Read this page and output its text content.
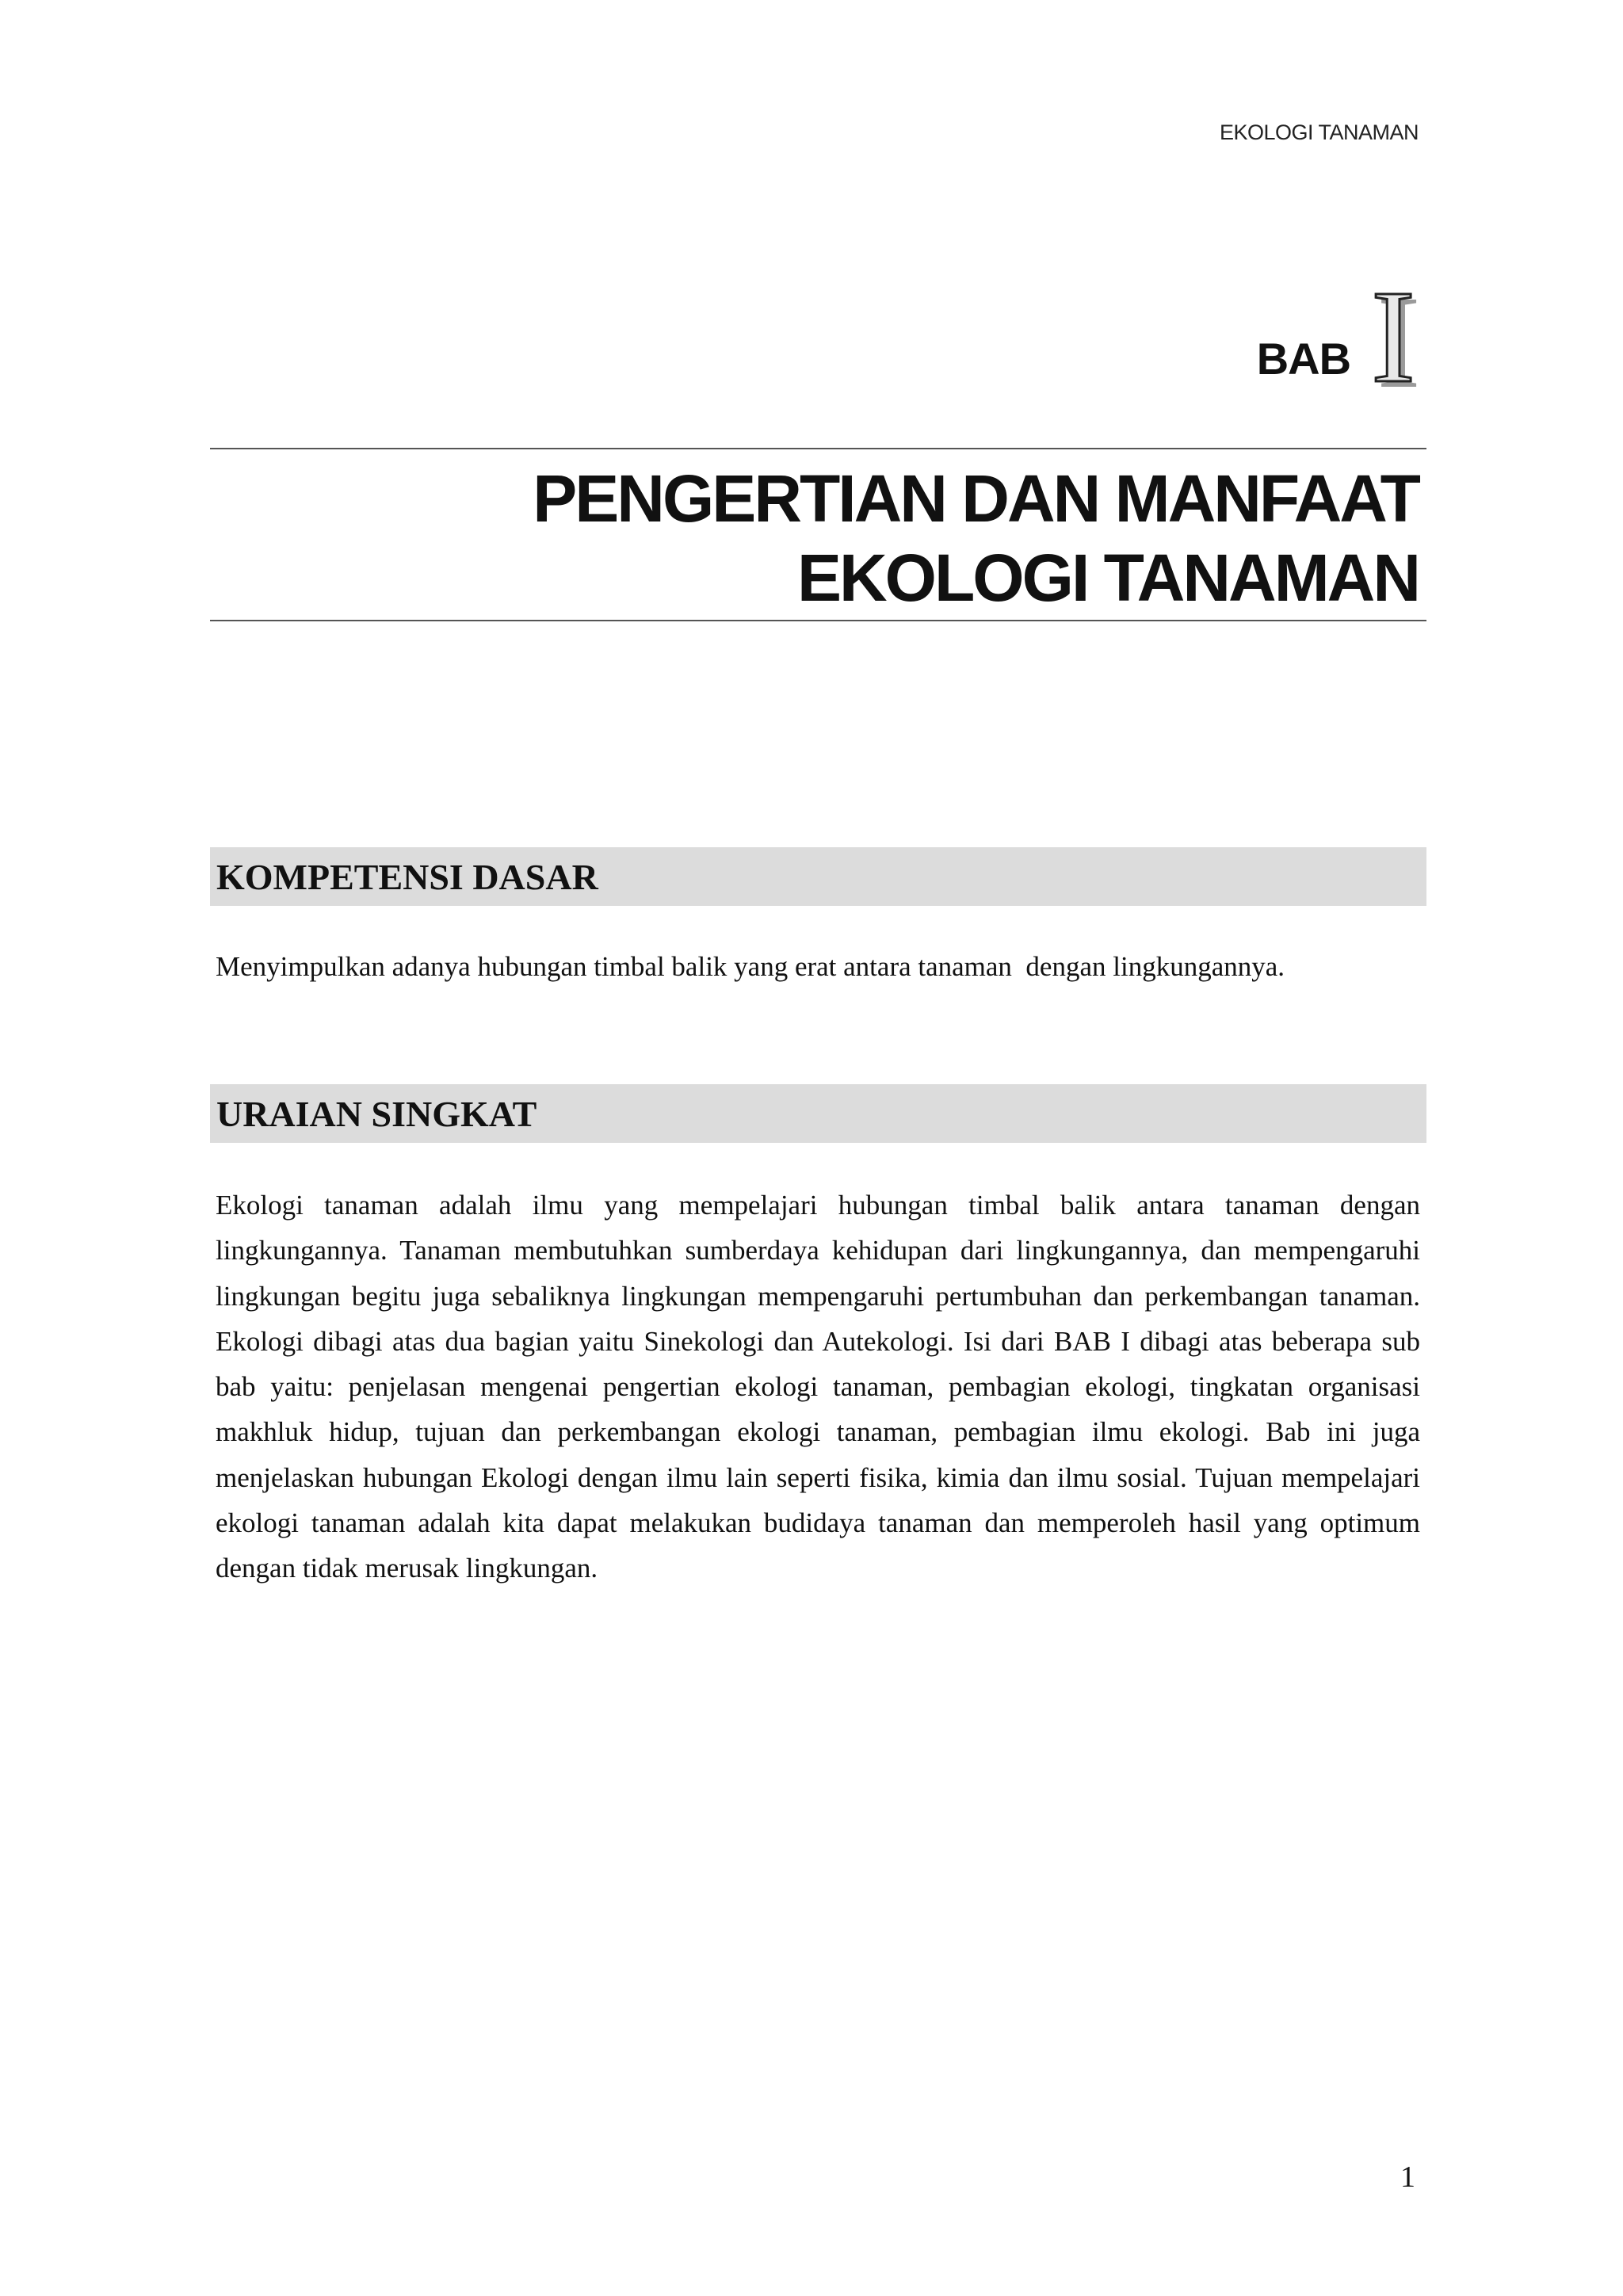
EKOLOGI TANAMAN
BAB I
PENGERTIAN DAN MANFAAT
EKOLOGI TANAMAN
KOMPETENSI DASAR
Menyimpulkan adanya hubungan timbal balik yang erat antara tanaman  dengan lingkungannya.
URAIAN SINGKAT

Ekologi tanaman adalah ilmu yang mempelajari hubungan timbal balik antara tanaman dengan lingkungannya. Tanaman membutuhkan sumberdaya kehidupan dari lingkungannya, dan mempengaruhi lingkungan begitu juga sebaliknya lingkungan mempengaruhi pertumbuhan dan perkembangan tanaman. Ekologi dibagi atas dua bagian yaitu Sinekologi dan Autekologi. Isi dari BAB I dibagi atas beberapa sub bab yaitu: penjelasan mengenai pengertian ekologi tanaman, pembagian ekologi, tingkatan organisasi makhluk hidup, tujuan dan perkembangan ekologi tanaman, pembagian ilmu ekologi. Bab ini juga menjelaskan hubungan Ekologi dengan ilmu lain seperti fisika, kimia dan ilmu sosial. Tujuan mempelajari ekologi tanaman adalah kita dapat melakukan budidaya tanaman dan memperoleh hasil yang optimum dengan tidak merusak lingkungan.

1
